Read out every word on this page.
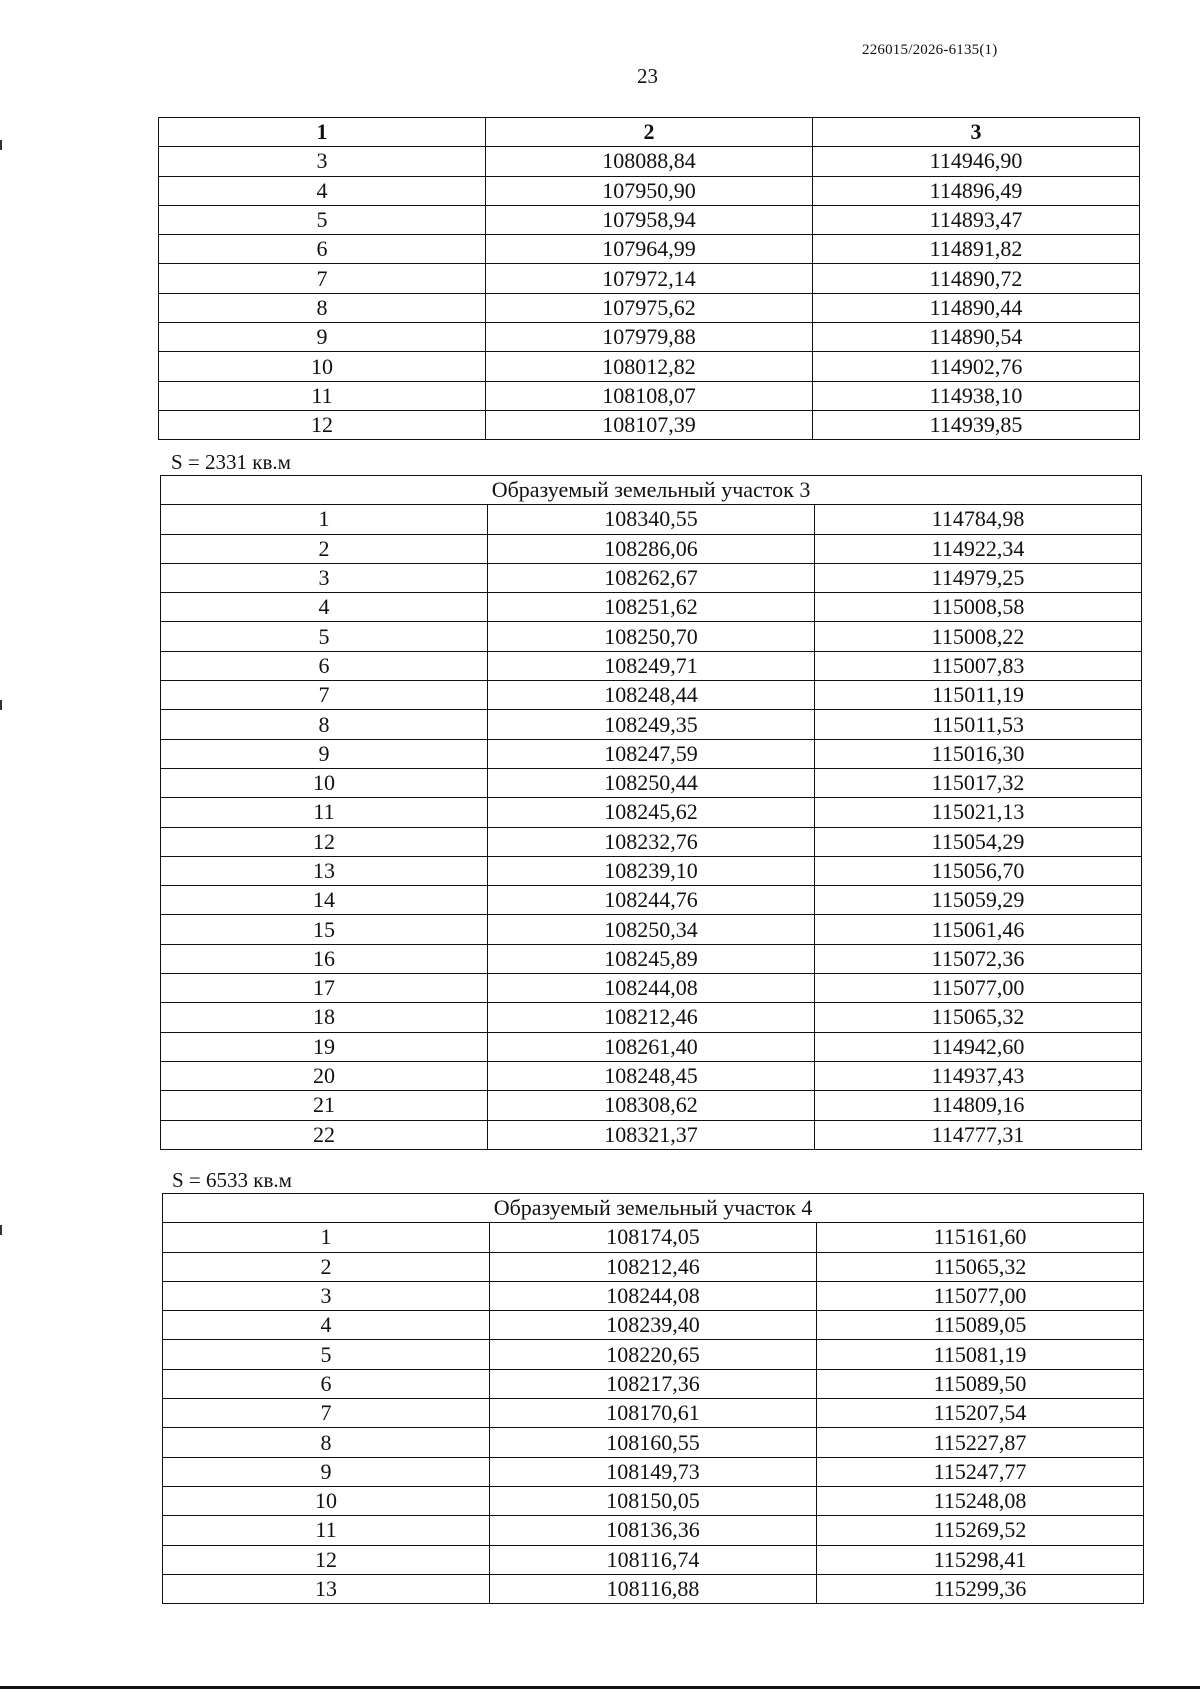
226015/2026-6135(1)
23
1	2	3
3	108088,84	114946,90
4	107950,90	114896,49
5	107958,94	114893,47
6	107964,99	114891,82
7	107972,14	114890,72
8	107975,62	114890,44
9	107979,88	114890,54
10	108012,82	114902,76
11	108108,07	114938,10
12	108107,39	114939,85
S = 2331 кв.м
Образуемый земельный участок 3		
1	108340,55	114784,98
2	108286,06	114922,34
3	108262,67	114979,25
4	108251,62	115008,58
5	108250,70	115008,22
6	108249,71	115007,83
7	108248,44	115011,19
8	108249,35	115011,53
9	108247,59	115016,30
10	108250,44	115017,32
11	108245,62	115021,13
12	108232,76	115054,29
13	108239,10	115056,70
14	108244,76	115059,29
15	108250,34	115061,46
16	108245,89	115072,36
17	108244,08	115077,00
18	108212,46	115065,32
19	108261,40	114942,60
20	108248,45	114937,43
21	108308,62	114809,16
22	108321,37	114777,31
S = 6533 кв.м
Образуемый земельный участок 4		
1	108174,05	115161,60
2	108212,46	115065,32
3	108244,08	115077,00
4	108239,40	115089,05
5	108220,65	115081,19
6	108217,36	115089,50
7	108170,61	115207,54
8	108160,55	115227,87
9	108149,73	115247,77
10	108150,05	115248,08
11	108136,36	115269,52
12	108116,74	115298,41
13	108116,88	115299,36
